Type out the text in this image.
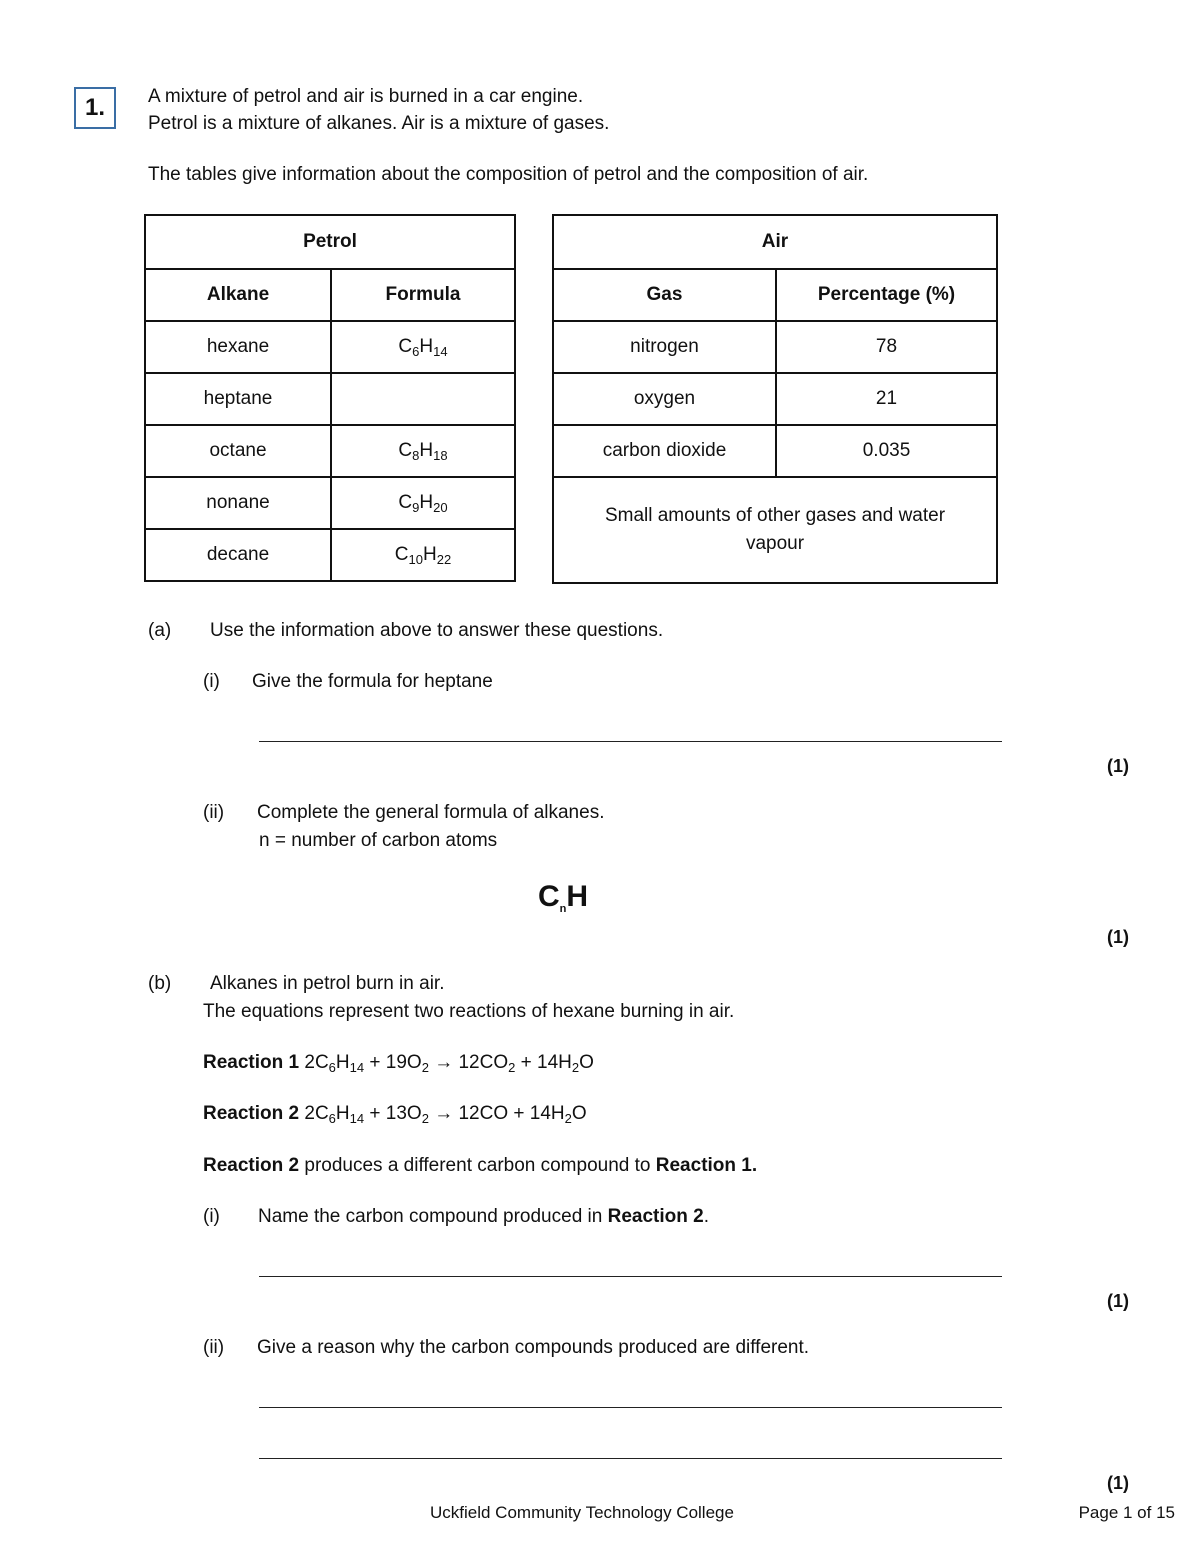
1.	A mixture of petrol and air is burned in a car engine.
Petrol is a mixture of alkanes. Air is a mixture of gases.
The tables give information about the composition of petrol and the composition of air.
Petrol	
Alkane	Formula
hexane	$C_6H_{14}$
heptane	
octane	$C_8H_{18}$
nonane	$C_9H_{20}$
decane	$C_{10}H_{22}$
Air	
Gas	Percentage (%)
nitrogen	78
oxygen	21
carbon dioxide	0.035

Small amounts of other gases and water
vapour	
(a) Use the information above to answer these questions.
(i) Give the formula for heptane
(1)
(ii) Complete the general formula of alkanes.
n = number of carbon atoms
$C_nH$
(1)
(b) Alkanes in petrol burn in air.
The equations represent two reactions of hexane burning in air.
Reaction 1 $2C_6H_{14} + 19O_2 \to 12CO_2 + 14H_2O$
Reaction 2 $2C_6H_{14} + 13O_2 \to 12CO + 14H_2O$
Reaction 2 produces a different carbon compound to Reaction 1.
(i) Name the carbon compound produced in Reaction 2.
(1)
(ii) Give a reason why the carbon compounds produced are different.
(1)
Uckfield Community Technology College	Page 1 of 15
